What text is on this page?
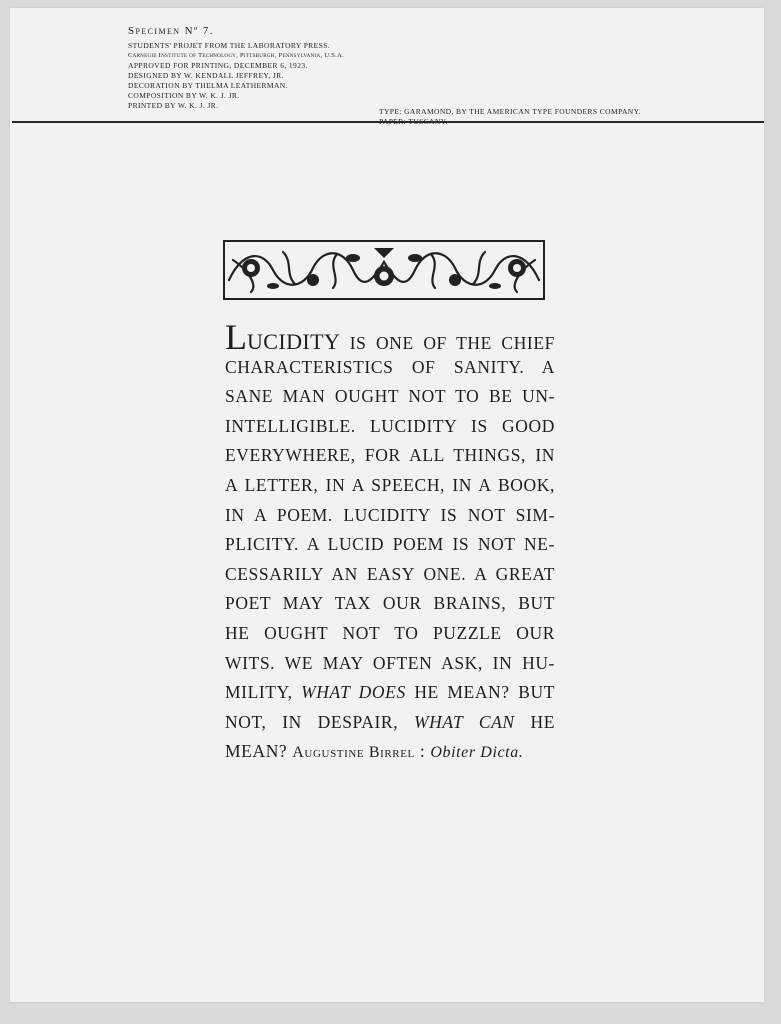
Specimen Nº 7.
STUDENTS' PROJET FROM THE LABORATORY PRESS.
Carnegie Institute of Technology, Pittsburgh, Pennsylvania, U.S.A.
APPROVED FOR PRINTING, DECEMBER 6, 1923.
DESIGNED BY W. KENDALL JEFFREY, JR.
DECORATION BY THELMA LEATHERMAN.
COMPOSITION BY W. K. J. JR.
PRINTED BY W. K. J. JR.
TYPE: GARAMOND, BY THE AMERICAN TYPE FOUNDERS COMPANY.
LUCIDITY IS ONE OF THE CHIEF
CHARACTERISTICS OF SANITY. A
SANE MAN OUGHT NOT TO BE UN-
INTELLIGIBLE. LUCIDITY IS GOOD
EVERYWHERE, FOR ALL THINGS, IN
A LETTER, IN A SPEECH, IN A BOOK,
IN A POEM. LUCIDITY IS NOT SIM-
PLICITY. A LUCID POEM IS NOT NE-
CESSARILY AN EASY ONE. A GREAT
POET MAY TAX OUR BRAINS, BUT
HE OUGHT NOT TO PUZZLE OUR
WITS. WE MAY OFTEN ASK, IN HU-
MILITY, WHAT DOES HE MEAN? BUT
NOT, IN DESPAIR, WHAT CAN HE
MEAN? Augustine Birrel : Obiter Dicta.
